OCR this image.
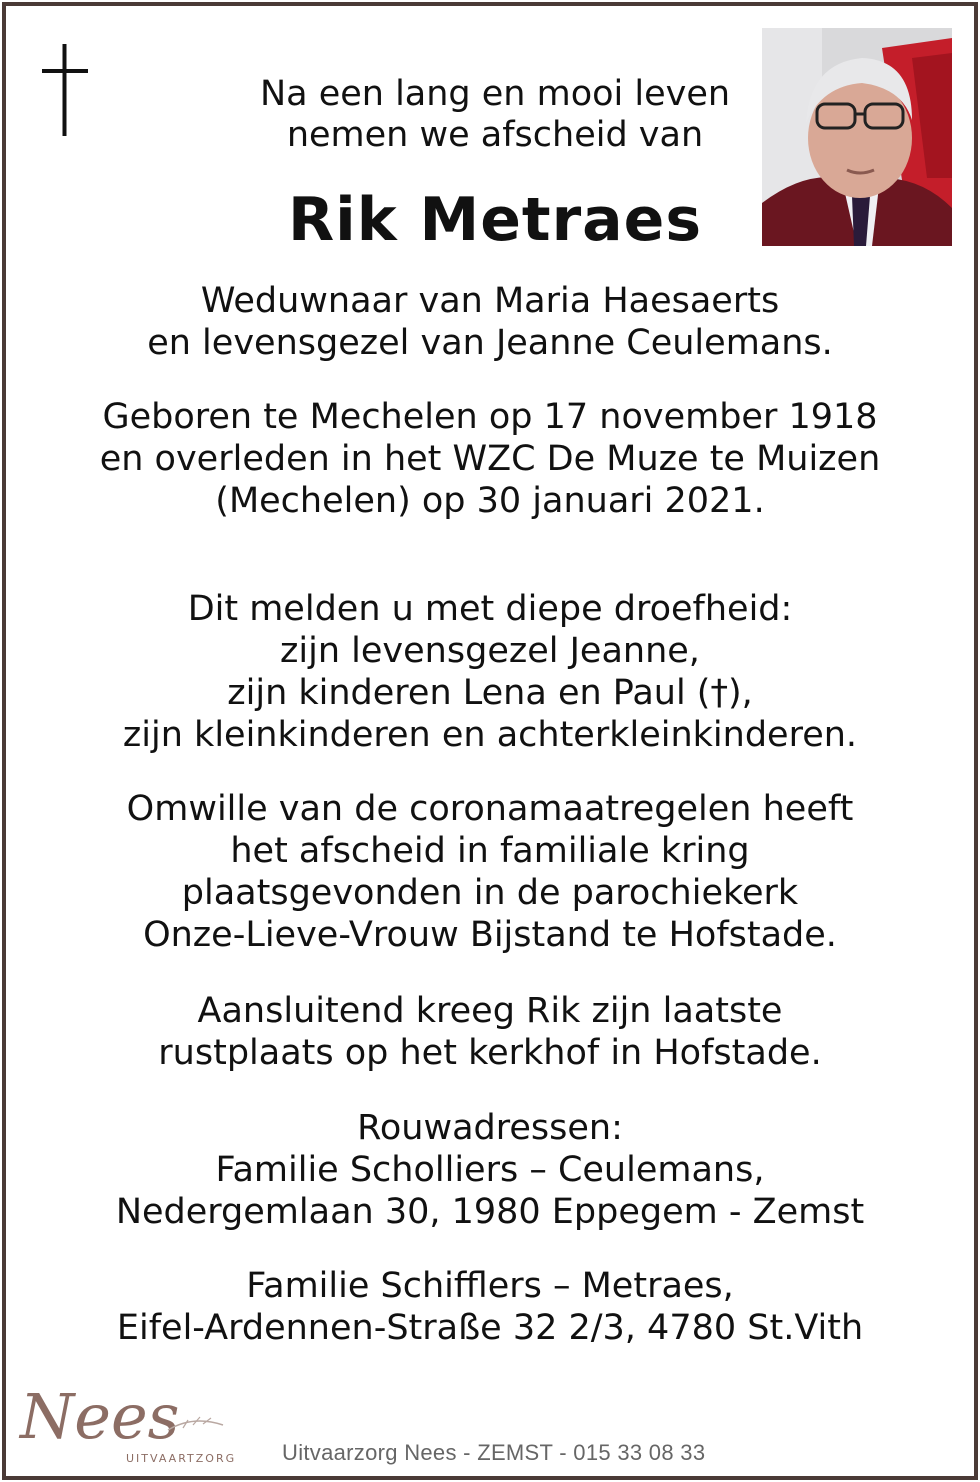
Na een lang en mooi leven
nemen we afscheid van
Rik Metraes
Weduwnaar van Maria Haesaerts
en levensgezel van Jeanne Ceulemans.
Geboren te Mechelen op 17 november 1918
en overleden in het WZC De Muze te Muizen
(Mechelen) op 30 januari 2021.
Dit melden u met diepe droefheid:
zijn levensgezel Jeanne,
zijn kinderen Lena en Paul (†),
zijn kleinkinderen en achterkleinkinderen.
Omwille van de coronamaatregelen heeft
het afscheid in familiale kring
plaatsgevonden in de parochiekerk
Onze-Lieve-Vrouw Bijstand te Hofstade.
Aansluitend kreeg Rik zijn laatste
rustplaats op het kerkhof in Hofstade.
Rouwadressen:
Familie Scholliers – Ceulemans,
Nedergemlaan 30, 1980 Eppegem - Zemst
Familie Schifflers – Metraes,
Eifel-Ardennen-Straße 32 2/3, 4780 St.Vith
Nees
UITVAARTZORG Uitvaarzorg Nees - ZEMST - 015 33 08 33
